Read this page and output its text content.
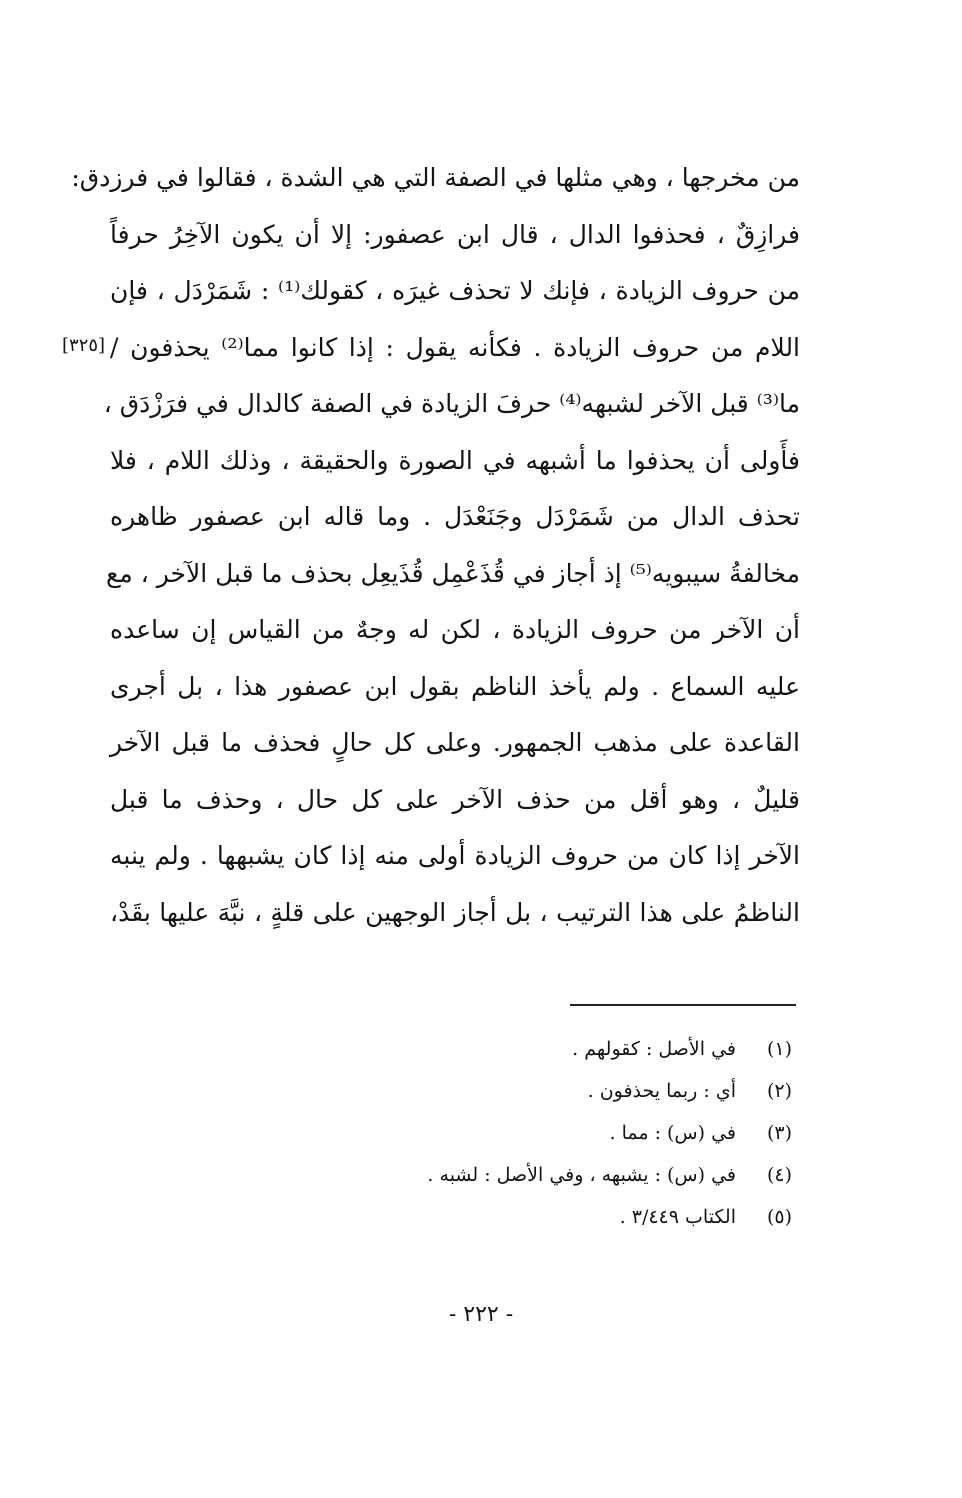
من مخرجها ، وهي مثلها في الصفة التي هي الشدة ، فقالوا في فرزدق:
فرازِقٌ ، فحذفوا الدال ، قال ابن عصفور: إلا أن يكون الآخِرُ حرفاً
من حروف الزيادة ، فإنك لا تحذف غيرَه ، كقولك⁽¹⁾ : شَمَرْدَل ، فإن
اللام من حروف الزيادة . فكأنه يقول : إذا كانوا مما⁽²⁾ يحذفون /
ما⁽³⁾ قبل الآخر لشبهه⁽⁴⁾ حرفَ الزيادة في الصفة كالدال في فرَزْدَق ،
فأَولى أن يحذفوا ما أشبهه في الصورة والحقيقة ، وذلك اللام ، فلا
تحذف الدال من شَمَرْدَل وجَنَعْدَل . وما قاله ابن عصفور ظاهره
مخالفةُ سيبويه⁽⁵⁾ إذ أجاز في قُذَعْمِل قُذَيعِل بحذف ما قبل الآخر ، مع
أن الآخر من حروف الزيادة ، لكن له وجهٌ من القياس إن ساعده
عليه السماع . ولم يأخذ الناظم بقول ابن عصفور هذا ، بل أجرى
القاعدة على مذهب الجمهور. وعلى كل حالٍ فحذف ما قبل الآخر
قليلٌ ، وهو أقل من حذف الآخر على كل حال ، وحذف ما قبل
الآخر إذا كان من حروف الزيادة أولى منه إذا كان يشبهها . ولم ينبه
الناظمُ على هذا الترتيب ، بل أجاز الوجهين على قلةٍ ، نبَّهَ عليها بقَدْ،
[٣٢٥]
(١)في الأصل : كقولهم .
(٢)أي : ربما يحذفون .
(٣)في (س) : مما .
(٤)في (س) : يشبهه ، وفي الأصل : لشبه .
(٥)الكتاب ٣/٤٤٩ .
- ٢٢٢ -
